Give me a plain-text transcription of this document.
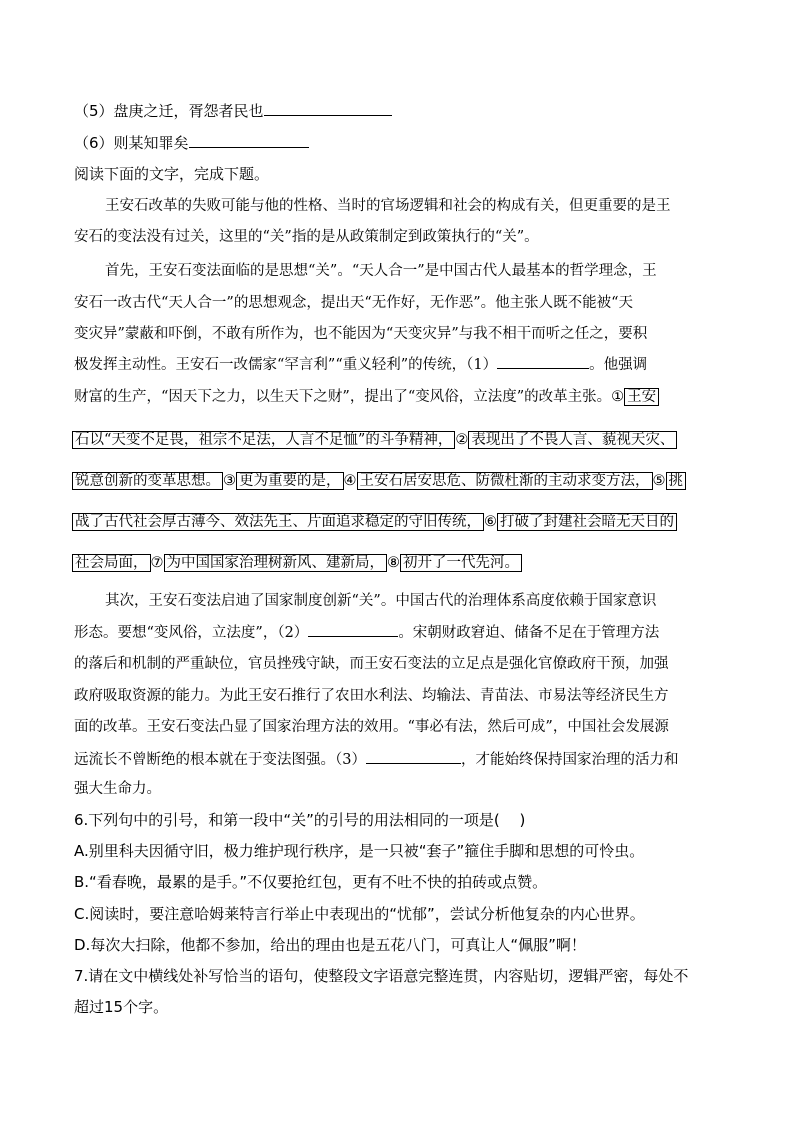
（5）盘庚之迁，胥怨者民也
（6）则某知罪矣
阅读下面的文字，完成下题。
王安石改革的失败可能与他的性格、当时的官场逻辑和社会的构成有关，但更重要的是王
安石的变法没有过关，这里的“关”指的是从政策制定到政策执行的“关”。
首先，王安石变法面临的是思想“关”。“天人合一”是中国古代人最基本的哲学理念，王
安石一改古代“天人合一”的思想观念，提出天“无作好，无作恶”。他主张人既不能被“天
变灾异”蒙蔽和吓倒，不敢有所作为，也不能因为“天变灾异”与我不相干而听之任之，要积
极发挥主动性。王安石一改儒家“罕言利”“重义轻利”的传统，（1）	。他强调
财富的生产，“因天下之力，以生天下之财”，提出了“变风俗，立法度”的改革主张。① 王安
石以“天变不足畏，祖宗不足法，人言不足恤”的斗争精神， ② 表现出了不畏人言、藐视天灾、
锐意创新的变革思想。 ③ 更为重要的是， ④ 王安石居安思危、防微杜渐的主动求变方法， ⑤ 挑
战了古代社会厚古薄今、效法先王、片面追求稳定的守旧传统， ⑥ 打破了封建社会暗无天日的
社会局面， ⑦ 为中国国家治理树新风、建新局， ⑧ 初开了一代先河。
其次，王安石变法启迪了国家制度创新“关”。中国古代的治理体系高度依赖于国家意识
形态。要想“变风俗，立法度”，（2）	。宋朝财政窘迫、储备不足在于管理方法
的落后和机制的严重缺位，官员挫残守缺，而王安石变法的立足点是强化官僚政府干预，加强
政府吸取资源的能力。为此王安石推行了农田水利法、均输法、青苗法、市易法等经济民生方
面的改革。王安石变法凸显了国家治理方法的效用。“事必有法，然后可成”，中国社会发展源
远流长不曾断绝的根本就在于变法图强。（3）	，才能始终保持国家治理的活力和
强大生命力。
6.下列句中的引号，和第一段中“关”的引号的用法相同的一项是(　 )
A.别里科夫因循守旧，极力维护现行秩序，是一只被“套子”箍住手脚和思想的可怜虫。
B.“看春晚，最累的是手。”不仅要抢红包，更有不吐不快的拍砖或点赞。
C.阅读时，要注意哈姆莱特言行举止中表现出的“忧郁”，尝试分析他复杂的内心世界。
D.每次大扫除，他都不参加，给出的理由也是五花八门，可真让人“佩服”啊！
7.请在文中横线处补写恰当的语句，使整段文字语意完整连贯，内容贴切，逻辑严密，每处不
超过15个字。
